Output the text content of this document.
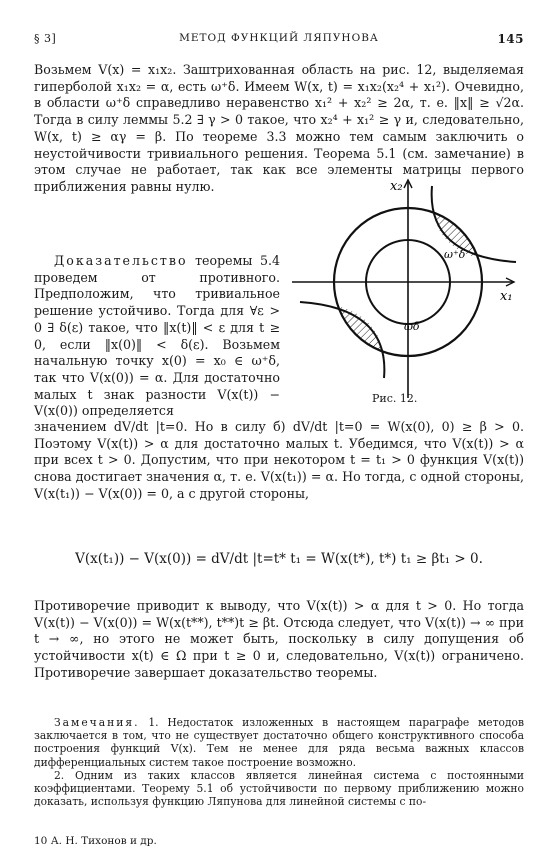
§ 3]	МЕТОД ФУНКЦИЙ ЛЯПУНОВА	145

Возьмем V(x) = x₁x₂. Заштрихованная область на рис. 12, выделяемая гиперболой x₁x₂ = α, есть ω⁺δ. Имеем W(x, t) = x₁x₂(x₂⁴ + x₁²). Очевидно, в области ω⁺δ справедливо неравенство x₁² + x₂² ≥ 2α, т. е. ‖x‖ ≥ √2α. Тогда в силу леммы 5.2 ∃ γ > 0 такое, что x₂⁴ + x₁² ≥ γ и, следовательно, W(x, t) ≥ αγ = β. По теореме 3.3 можно тем самым заключить о неустойчивости тривиального решения. Теорема 5.1 (см. замечание) в этом случае не работает, так как все элементы матрицы первого приближения равны нулю.

Доказательство теоремы 5.4 проведем от противного. Предположим, что тривиальное решение устойчиво. Тогда для ∀ε > 0 ∃ δ(ε) такое, что ‖x(t)‖ < ε для t ≥ 0, если ‖x(0)‖ < δ(ε). Возьмем начальную точку x(0) = x₀ ∈ ω⁺δ, так что V(x(0)) = α. Для достаточно малых t знак разности V(x(t)) − V(x(0)) определяется

x₂
x₁
ω⁺δ
ωδ
Рис. 12.

значением dV/dt |t=0. Но в силу б) dV/dt |t=0 = W(x(0), 0) ≥ β > 0. Поэтому V(x(t)) > α для достаточно малых t. Убедимся, что V(x(t)) > α при всех t > 0. Допустим, что при некотором t = t₁ > 0 функция V(x(t)) снова достигает значения α, т. е. V(x(t₁)) = α. Но тогда, с одной стороны, V(x(t₁)) − V(x(0)) = 0, а с другой стороны,

V(x(t₁)) − V(x(0)) = dV/dt |t=t* t₁ = W(x(t*), t*) t₁ ≥ βt₁ > 0.

Противоречие приводит к выводу, что V(x(t)) > α для t > 0. Но тогда V(x(t)) − V(x(0)) = W(x(t**), t**)t ≥ βt. Отсюда следует, что V(x(t)) → ∞ при t → ∞, но этого не может быть, поскольку в силу допущения об устойчивости x(t) ∈ Ω при t ≥ 0 и, следовательно, V(x(t)) ограничено. Противоречие завершает доказательство теоремы.

Замечания. 1. Недостаток изложенных в настоящем параграфе методов заключается в том, что не существует достаточно общего конструктивного способа построения функций V(x). Тем не менее для ряда весьма важных классов дифференциальных систем такое построение возможно.

2. Одним из таких классов является линейная система с постоянными коэффициентами. Теорему 5.1 об устойчивости по первому приближению можно доказать, используя функцию Ляпунова для линейной системы с по-

10 А. Н. Тихонов и др.
